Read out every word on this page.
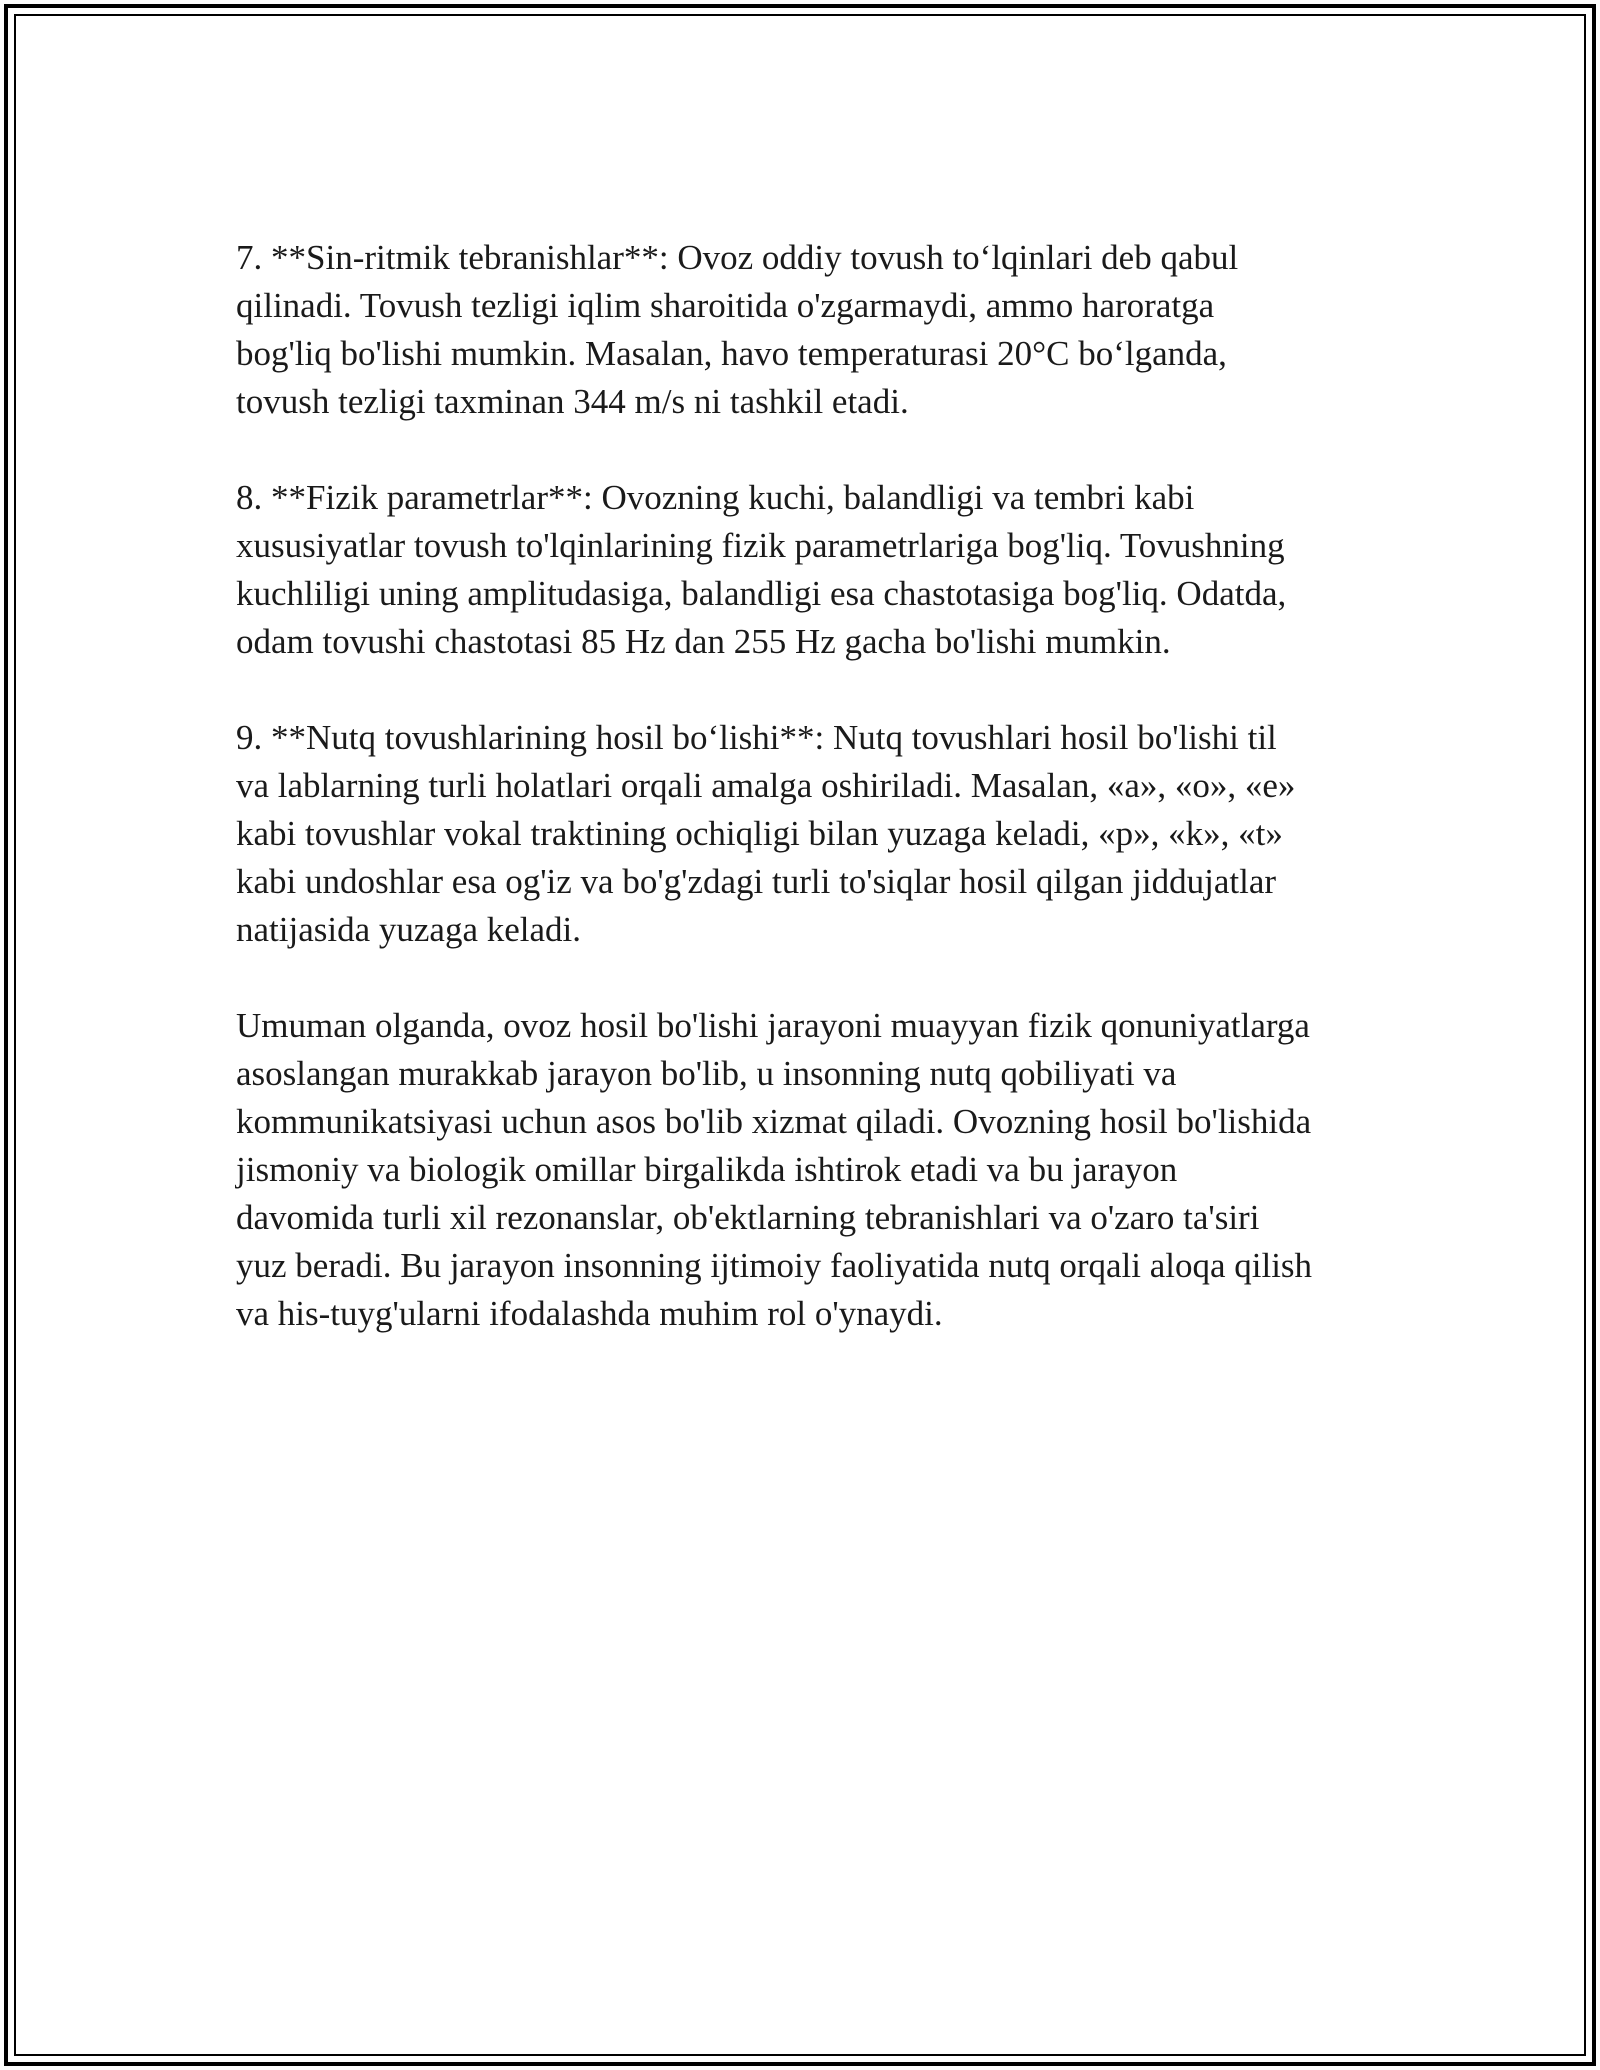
7. **Sin-ritmik tebranishlar**: Ovoz oddiy tovush to‘lqinlari deb qabul
qilinadi. Tovush tezligi iqlim sharoitida o'zgarmaydi, ammo haroratga
bog'liq bo'lishi mumkin. Masalan, havo temperaturasi 20°C bo‘lganda,
tovush tezligi taxminan 344 m/s ni tashkil etadi.

8. **Fizik parametrlar**: Ovozning kuchi, balandligi va tembri kabi
xususiyatlar tovush to'lqinlarining fizik parametrlariga bog'liq. Tovushning
kuchliligi uning amplitudasiga, balandligi esa chastotasiga bog'liq. Odatda,
odam tovushi chastotasi 85 Hz dan 255 Hz gacha bo'lishi mumkin.

9. **Nutq tovushlarining hosil bo‘lishi**: Nutq tovushlari hosil bo'lishi til
va lablarning turli holatlari orqali amalga oshiriladi. Masalan, «a», «o», «e»
kabi tovushlar vokal traktining ochiqligi bilan yuzaga keladi, «p», «k», «t»
kabi undoshlar esa og'iz va bo'g'zdagi turli to'siqlar hosil qilgan jiddujatlar
natijasida yuzaga keladi.

Umuman olganda, ovoz hosil bo'lishi jarayoni muayyan fizik qonuniyatlarga
asoslangan murakkab jarayon bo'lib, u insonning nutq qobiliyati va
kommunikatsiyasi uchun asos bo'lib xizmat qiladi. Ovozning hosil bo'lishida
jismoniy va biologik omillar birgalikda ishtirok etadi va bu jarayon
davomida turli xil rezonanslar, ob'ektlarning tebranishlari va o'zaro ta'siri
yuz beradi. Bu jarayon insonning ijtimoiy faoliyatida nutq orqali aloqa qilish
va his-tuyg'ularni ifodalashda muhim rol o'ynaydi.
